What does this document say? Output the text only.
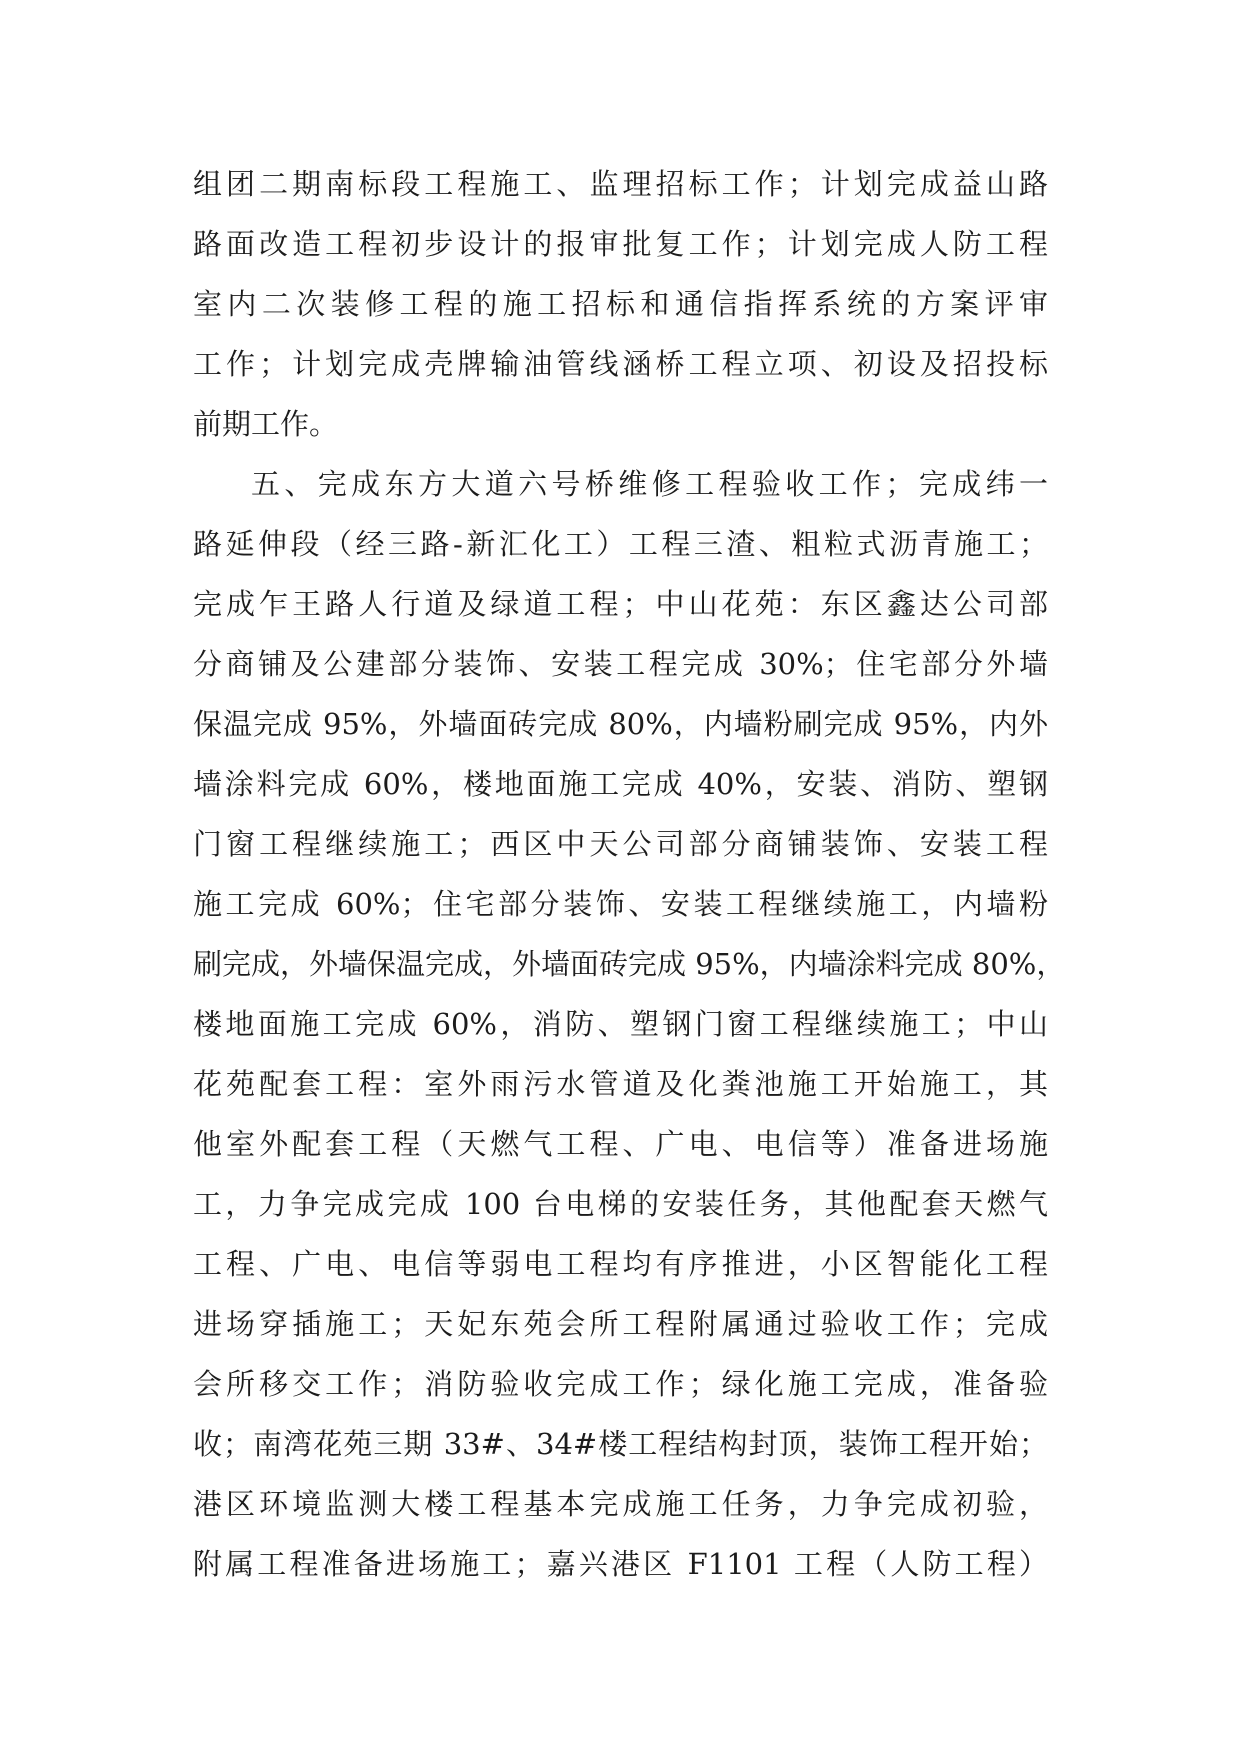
组团二期南标段工程施工、监理招标工作；计划完成益山路
路面改造工程初步设计的报审批复工作；计划完成人防工程
室内二次装修工程的施工招标和通信指挥系统的方案评审
工作；计划完成壳牌输油管线涵桥工程立项、初设及招投标
前期工作。
五、完成东方大道六号桥维修工程验收工作；完成纬一
路延伸段（经三路-新汇化工）工程三渣、粗粒式沥青施工；
完成乍王路人行道及绿道工程；中山花苑：东区鑫达公司部
分商铺及公建部分装饰、安装工程完成 30%；住宅部分外墙
保温完成 95%，外墙面砖完成 80%，内墙粉刷完成 95%，内外
墙涂料完成 60%，楼地面施工完成 40%，安装、消防、塑钢
门窗工程继续施工；西区中天公司部分商铺装饰、安装工程
施工完成 60%；住宅部分装饰、安装工程继续施工，内墙粉
刷完成，外墙保温完成，外墙面砖完成 95%，内墙涂料完成 80%，
楼地面施工完成 60%，消防、塑钢门窗工程继续施工；中山
花苑配套工程：室外雨污水管道及化粪池施工开始施工，其
他室外配套工程（天燃气工程、广电、电信等）准备进场施
工，力争完成完成 100 台电梯的安装任务，其他配套天燃气
工程、广电、电信等弱电工程均有序推进，小区智能化工程
进场穿插施工；天妃东苑会所工程附属通过验收工作；完成
会所移交工作；消防验收完成工作；绿化施工完成，准备验
收；南湾花苑三期 33#、34#楼工程结构封顶，装饰工程开始；
港区环境监测大楼工程基本完成施工任务，力争完成初验，
附属工程准备进场施工；嘉兴港区 F1101 工程（人防工程）
